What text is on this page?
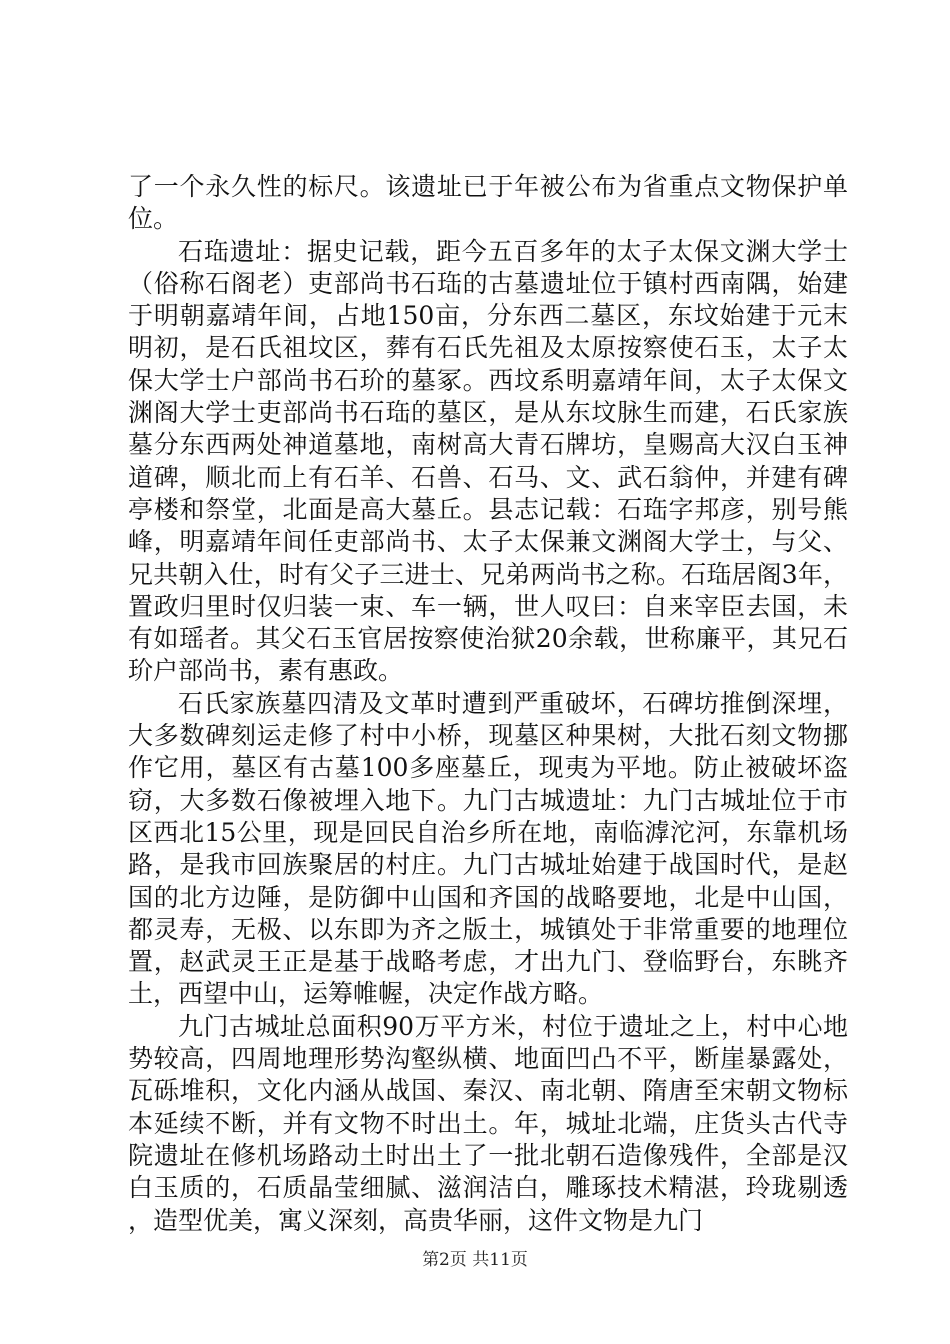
了一个永久性的标尺。该遗址已于年被公布为省重点文物保护单位。

石珤遗址：据史记载，距今五百多年的太子太保文渊大学士（俗称石阁老）吏部尚书石珤的古墓遗址位于镇村西南隅，始建于明朝嘉靖年间，占地150亩，分东西二墓区，东坟始建于元末明初，是石氏祖坟区，葬有石氏先祖及太原按察使石玉，太子太保大学士户部尚书石玠的墓冢。西坟系明嘉靖年间，太子太保文渊阁大学士吏部尚书石珤的墓区，是从东坟脉生而建，石氏家族墓分东西两处神道墓地，南树高大青石牌坊，皇赐高大汉白玉神道碑，顺北而上有石羊、石兽、石马、文、武石翁仲，并建有碑亭楼和祭堂，北面是高大墓丘。县志记载：石珤字邦彦，别号熊峰，明嘉靖年间任吏部尚书、太子太保兼文渊阁大学士，与父、兄共朝入仕，时有父子三进士、兄弟两尚书之称。石珤居阁3年，置政归里时仅归装一束、车一辆，世人叹曰：自来宰臣去国，未有如瑶者。其父石玉官居按察使治狱20余载，世称廉平，其兄石玠户部尚书，素有惠政。

石氏家族墓四清及文革时遭到严重破坏，石碑坊推倒深埋，大多数碑刻运走修了村中小桥，现墓区种果树，大批石刻文物挪作它用，墓区有古墓100多座墓丘，现夷为平地。防止被破坏盗窃，大多数石像被埋入地下。九门古城遗址：九门古城址位于市区西北15公里，现是回民自治乡所在地，南临滹沱河，东靠机场路，是我市回族聚居的村庄。九门古城址始建于战国时代，是赵国的北方边陲，是防御中山国和齐国的战略要地，北是中山国，都灵寿，无极、以东即为齐之版土，城镇处于非常重要的地理位置，赵武灵王正是基于战略考虑，才出九门、登临野台，东眺齐土，西望中山，运筹帷幄，决定作战方略。

九门古城址总面积90万平方米，村位于遗址之上，村中心地势较高，四周地理形势沟壑纵横、地面凹凸不平，断崖暴露处，瓦砾堆积，文化内涵从战国、秦汉、南北朝、隋唐至宋朝文物标本延续不断，并有文物不时出土。年，城址北端，庄货头古代寺院遗址在修机场路动土时出土了一批北朝石造像残件，全部是汉白玉质的，石质晶莹细腻、滋润洁白，雕琢技术精湛，玲珑剔透，造型优美，寓义深刻，高贵华丽，这件文物是九门

第2页 共11页
